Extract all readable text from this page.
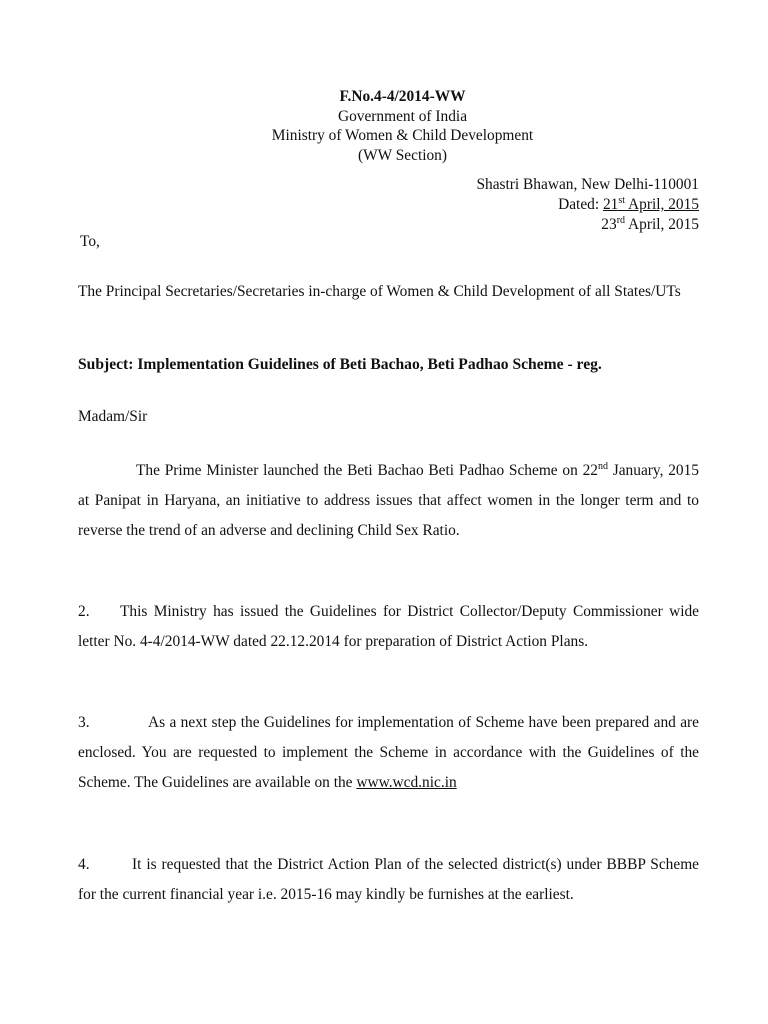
F.No.4-4/2014-WW
Government of India
Ministry of Women & Child Development
(WW Section)
Shastri Bhawan, New Delhi-110001
Dated: 21st April, 2015
23rd April, 2015
To,
The Principal Secretaries/Secretaries in-charge of Women & Child Development of all States/UTs
Subject: Implementation Guidelines of Beti Bachao, Beti Padhao Scheme - reg.
Madam/Sir
The Prime Minister launched the Beti Bachao Beti Padhao Scheme on 22nd January, 2015 at Panipat in Haryana, an initiative to address issues that affect women in the longer term and to reverse the trend of an adverse and declining Child Sex Ratio.
2. This Ministry has issued the Guidelines for District Collector/Deputy Commissioner wide letter No. 4-4/2014-WW dated 22.12.2014 for preparation of District Action Plans.
3.	As a next step the Guidelines for implementation of Scheme have been prepared and are enclosed. You are requested to implement the Scheme in accordance with the Guidelines of the Scheme. The Guidelines are available on the www.wcd.nic.in
4.	It is requested that the District Action Plan of the selected district(s) under BBBP Scheme for the current financial year i.e. 2015-16 may kindly be furnishes at the earliest.
